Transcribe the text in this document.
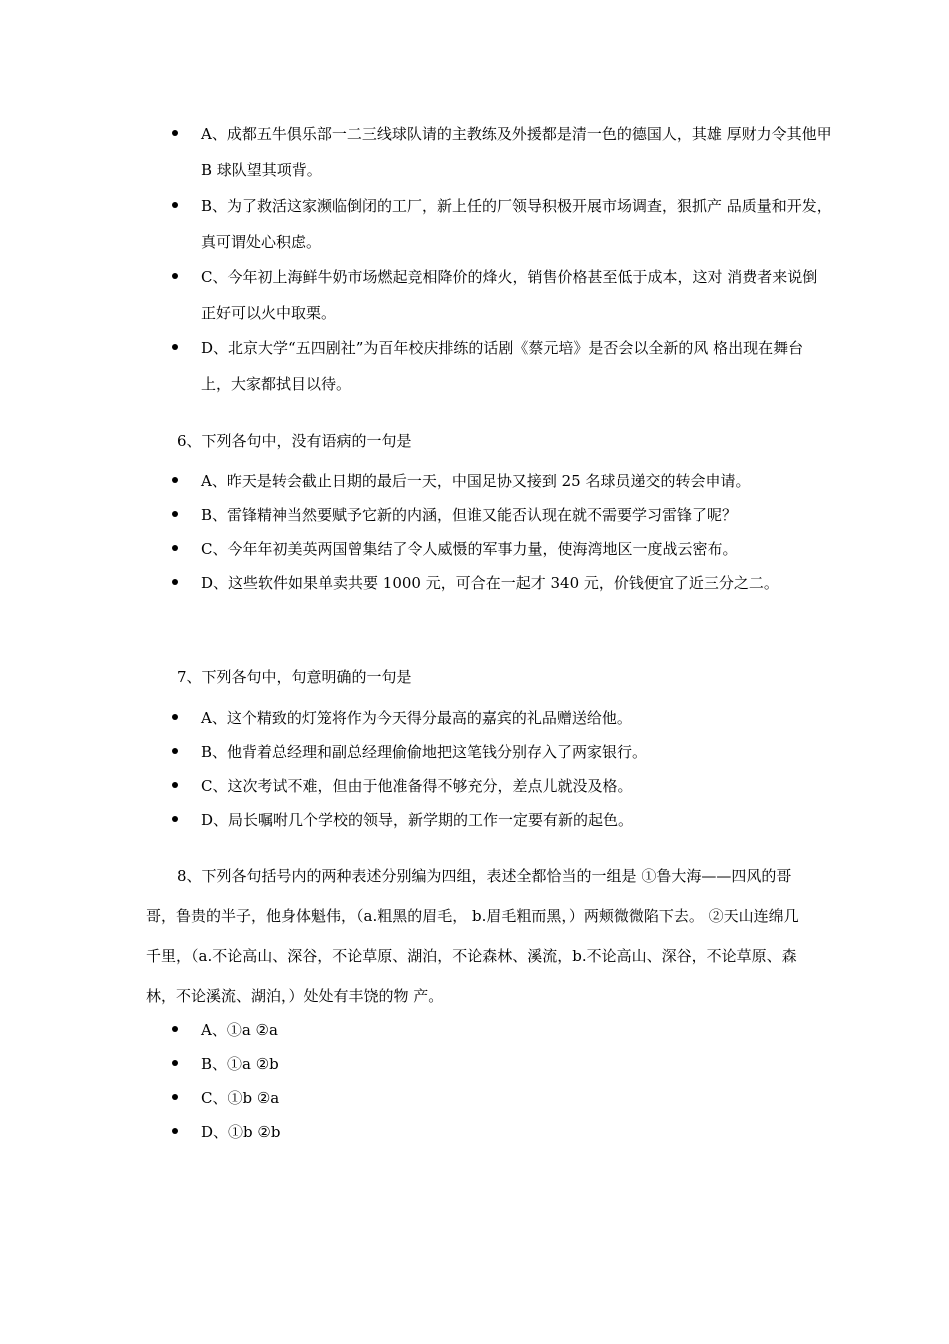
A、成都五牛俱乐部一二三线球队请的主教练及外援都是清一色的德国人，其雄 厚财力令其他甲 B 球队望其项背。
B、为了救活这家濒临倒闭的工厂，新上任的厂领导积极开展市场调查，狠抓产 品质量和开发，真可谓处心积虑。
C、今年初上海鲜牛奶市场燃起竞相降价的烽火，销售价格甚至低于成本，这对 消费者来说倒正好可以火中取栗。
D、北京大学“五四剧社”为百年校庆排练的话剧《蔡元培》是否会以全新的风 格出现在舞台上，大家都拭目以待。

6、下列各句中，没有语病的一句是

A、昨天是转会截止日期的最后一天，中国足协又接到 25 名球员递交的转会申请。
B、雷锋精神当然要赋予它新的内涵，但谁又能否认现在就不需要学习雷锋了呢？
C、今年年初美英两国曾集结了令人威慑的军事力量，使海湾地区一度战云密布。
D、这些软件如果单卖共要 1000 元，可合在一起才 340 元，价钱便宜了近三分之二。

7、下列各句中，句意明确的一句是

A、这个精致的灯笼将作为今天得分最高的嘉宾的礼品赠送给他。
B、他背着总经理和副总经理偷偷地把这笔钱分别存入了两家银行。
C、这次考试不难，但由于他准备得不够充分，差点儿就没及格。
D、局长嘱咐几个学校的领导，新学期的工作一定要有新的起色。

8、下列各句括号内的两种表述分别编为四组，表述全都恰当的一组是 ①鲁大海——四风的哥哥，鲁贵的半子，他身体魁伟，（a.粗黑的眉毛， b.眉毛粗而黑，）两颊微微陷下去。 ②天山连绵几千里，（a.不论高山、深谷，不论草原、湖泊，不论森林、溪流，b.不论高山、深谷，不论草原、森林，不论溪流、湖泊，）处处有丰饶的物 产。

A、①a ②a
B、①a ②b
C、①b ②a
D、①b ②b
